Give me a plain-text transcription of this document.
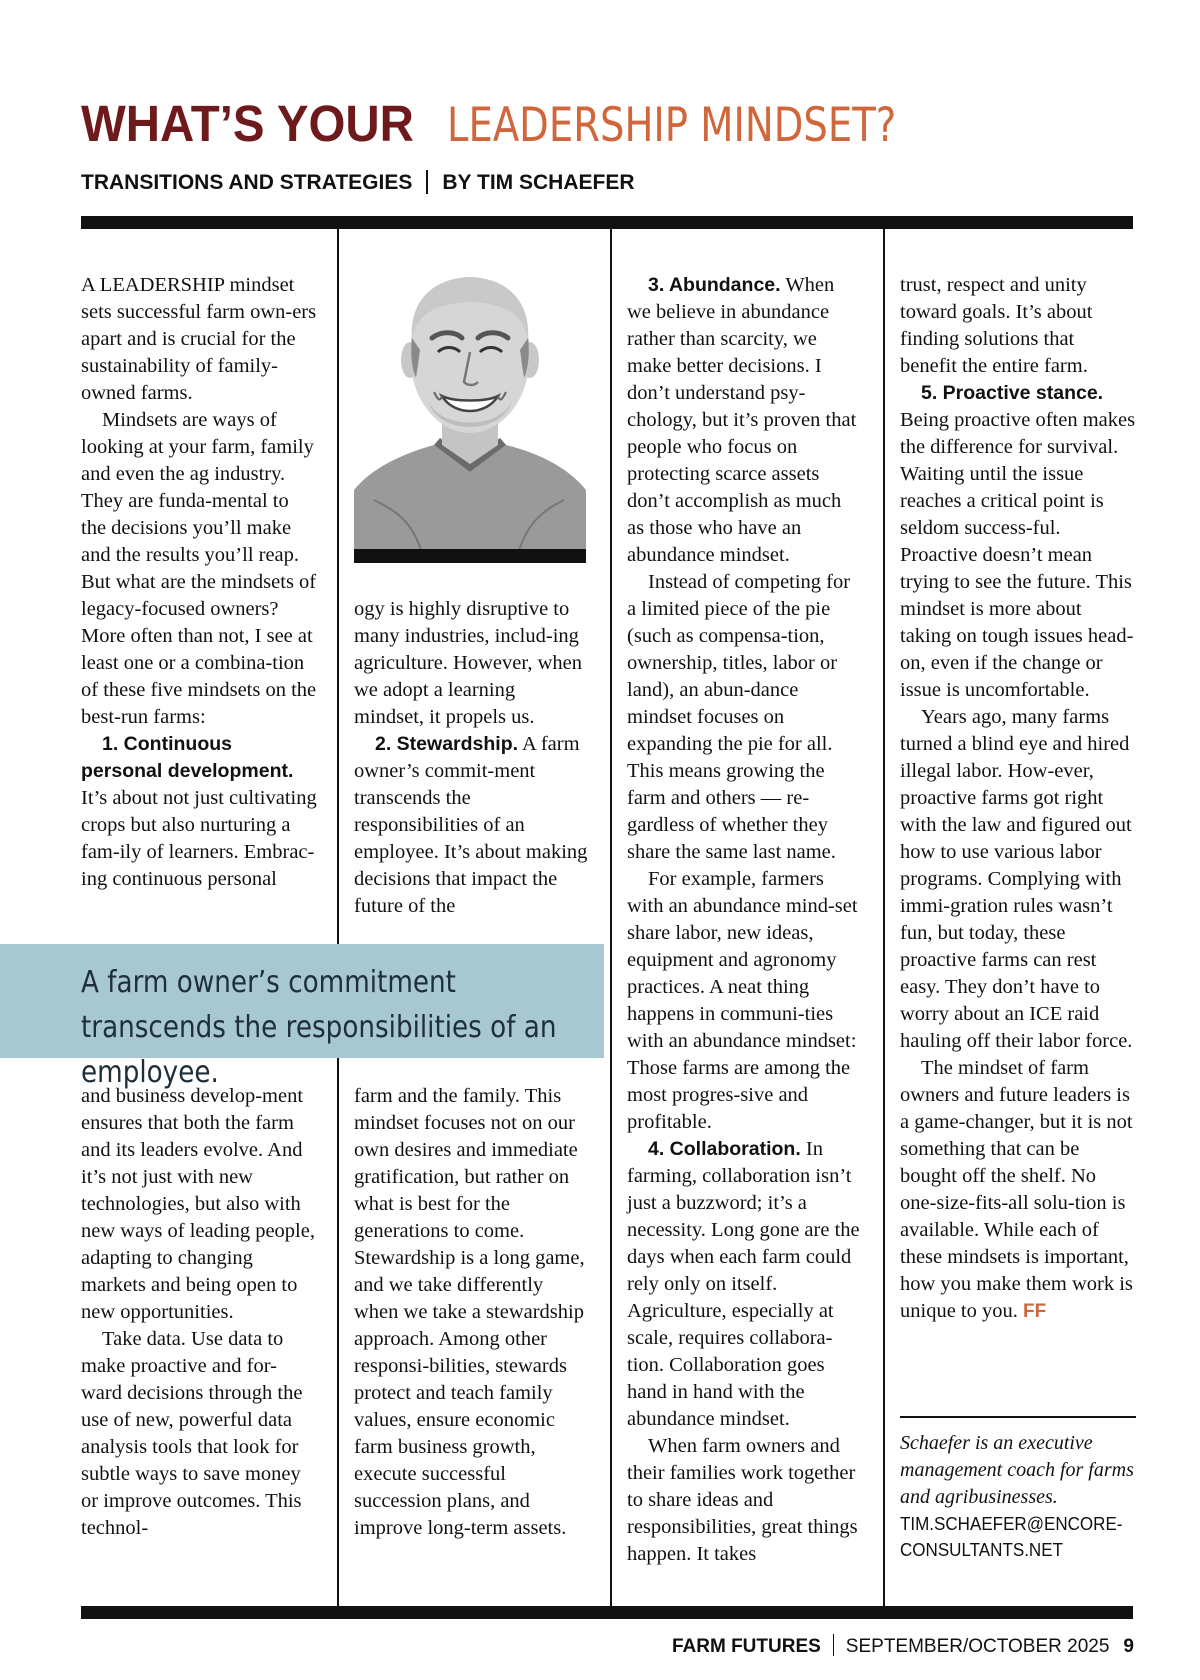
WHAT’S YOUR LEADERSHIP MINDSET?
TRANSITIONS AND STRATEGIES BY TIM SCHAEFER

A farm owner’s commitment transcends the responsibilities of an employee.

A LEADERSHIP mindset sets successful farm own-ers apart and is crucial for the sustainability of family-owned farms.

Mindsets are ways of looking at your farm, family and even the ag industry. They are funda-mental to the decisions you’ll make and the results you’ll reap. But what are the mindsets of legacy-focused owners? More often than not, I see at least one or a combina-tion of these five mindsets on the best-run farms:

1. Continuous personal development. It’s about not just cultivating crops but also nurturing a fam-ily of learners. Embrac-ing continuous personal

and business develop-ment ensures that both the farm and its leaders evolve. And it’s not just with new technologies, but also with new ways of leading people, adapting to changing markets and being open to new opportunities.

Take data. Use data to make proactive and for-ward decisions through the use of new, powerful data analysis tools that look for subtle ways to save money or improve outcomes. This technol-

ogy is highly disruptive to many industries, includ-ing agriculture. However, when we adopt a learning mindset, it propels us.

2. Stewardship. A farm owner’s commit-ment transcends the responsibilities of an employee. It’s about making decisions that impact the future of the

farm and the family. This mindset focuses not on our own desires and immediate gratification, but rather on what is best for the generations to come. Stewardship is a long game, and we take differently when we take a stewardship approach. Among other responsi-bilities, stewards protect and teach family values, ensure economic farm business growth, execute successful succession plans, and improve long-term assets.

3. Abundance. When we believe in abundance rather than scarcity, we make better decisions. I don’t understand psy-chology, but it’s proven that people who focus on protecting scarce assets don’t accomplish as much as those who have an abundance mindset.

Instead of competing for a limited piece of the pie (such as compensa-tion, ownership, titles, labor or land), an abun-dance mindset focuses on expanding the pie for all. This means growing the farm and others — re-gardless of whether they share the same last name.

For example, farmers with an abundance mind-set share labor, new ideas, equipment and agronomy practices. A neat thing happens in communi-ties with an abundance mindset: Those farms are among the most progres-sive and profitable.

4. Collaboration. In farming, collaboration isn’t just a buzzword; it’s a necessity. Long gone are the days when each farm could rely only on itself. Agriculture, especially at scale, requires collabora-tion. Collaboration goes hand in hand with the abundance mindset.

When farm owners and their families work together to share ideas and responsibilities, great things happen. It takes

trust, respect and unity toward goals. It’s about finding solutions that benefit the entire farm.

5. Proactive stance. Being proactive often makes the difference for survival. Waiting until the issue reaches a critical point is seldom success-ful. Proactive doesn’t mean trying to see the future. This mindset is more about taking on tough issues head-on, even if the change or issue is uncomfortable.

Years ago, many farms turned a blind eye and hired illegal labor. How-ever, proactive farms got right with the law and figured out how to use various labor programs. Complying with immi-gration rules wasn’t fun, but today, these proactive farms can rest easy. They don’t have to worry about an ICE raid hauling off their labor force.

The mindset of farm owners and future leaders is a game-changer, but it is not something that can be bought off the shelf. No one-size-fits-all solu-tion is available. While each of these mindsets is important, how you make them work is unique to you. FF

Schaefer is an executive management coach for farms and agribusinesses.
TIM.SCHAEFER@ENCORE-CONSULTANTS.NET
FARM FUTURES SEPTEMBER/OCTOBER 2025 9
